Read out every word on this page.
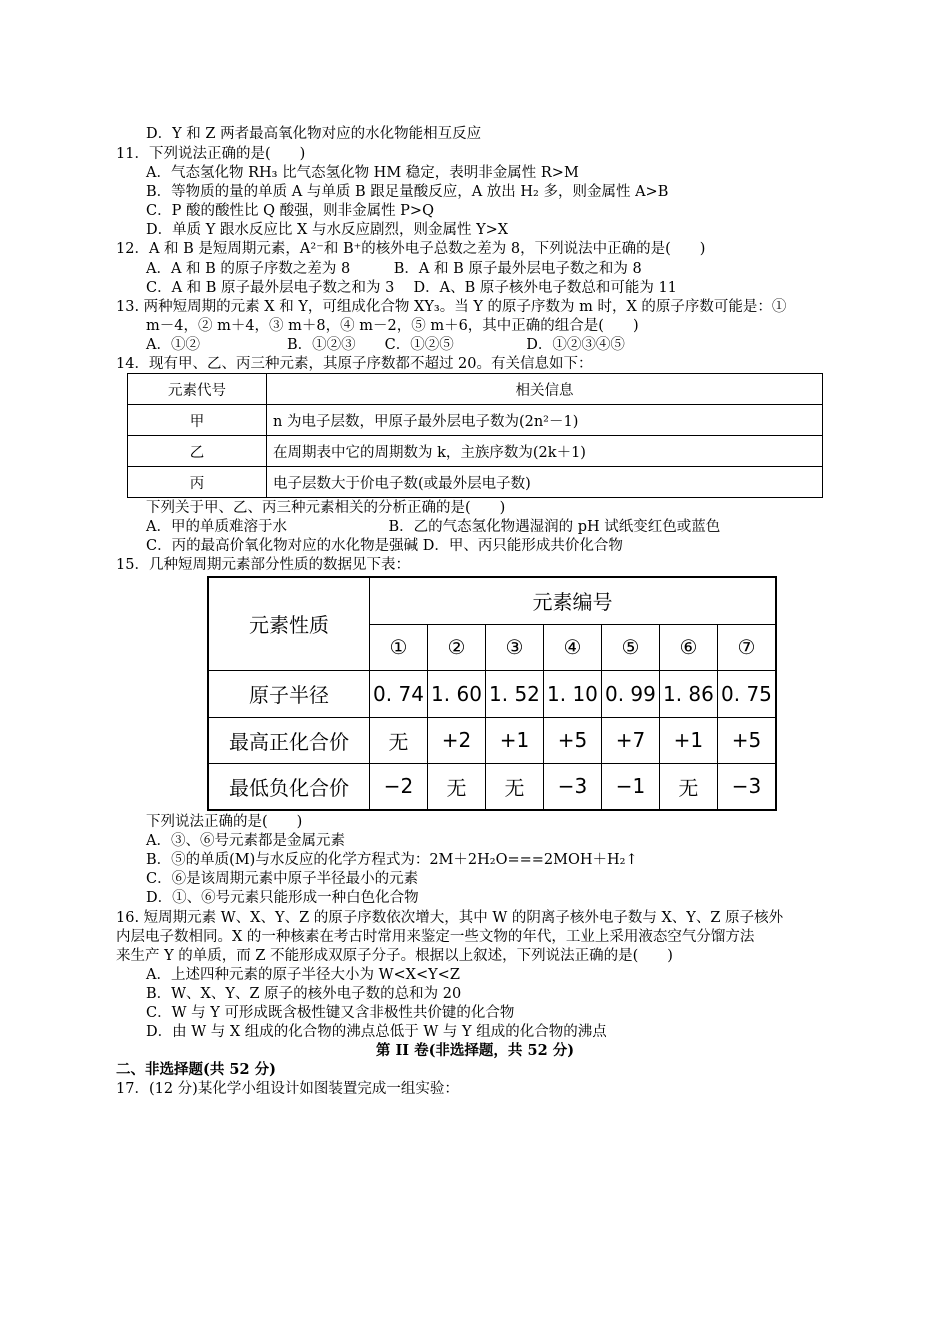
D．Y 和 Z 两者最高氧化物对应的水化物能相互反应
11．下列说法正确的是(　　)
A．气态氢化物 RH₃ 比气态氢化物 HM 稳定，表明非金属性 R>M
B．等物质的量的单质 A 与单质 B 跟足量酸反应，A 放出 H₂ 多，则金属性 A>B
C．P 酸的酸性比 Q 酸强，则非金属性 P>Q
D．单质 Y 跟水反应比 X 与水反应剧烈，则金属性 Y>X
12．A 和 B 是短周期元素，A²⁻和 B⁺的核外电子总数之差为 8，下列说法中正确的是(　　)
A．A 和 B 的原子序数之差为 8　　　B．A 和 B 原子最外层电子数之和为 8
C．A 和 B 原子最外层电子数之和为 3　 D．A、B 原子核外电子数总和可能为 11
13. 两种短周期的元素 X 和 Y，可组成化合物 XY₃。当 Y 的原子序数为 m 时，X 的原子序数可能是：①
m－4，② m＋4，③ m＋8，④ m－2，⑤ m＋6，其中正确的组合是(　　)
A．①②　　　　　　B．①②③　　C．①②⑤　　　　　D．①②③④⑤
14．现有甲、乙、丙三种元素，其原子序数都不超过 20。有关信息如下：
元素代号	相关信息
甲	n 为电子层数，甲原子最外层电子数为(2n²－1)
乙	在周期表中它的周期数为 k，主族序数为(2k＋1)
丙	电子层数大于价电子数(或最外层电子数)
下列关于甲、乙、丙三种元素相关的分析正确的是(　　)
A．甲的单质难溶于水　　　　　　　B．乙的气态氢化物遇湿润的 pH 试纸变红色或蓝色
C．丙的最高价氧化物对应的水化物是强碱 D．甲、丙只能形成共价化合物
15．几种短周期元素部分性质的数据见下表：
元素性质	元素编号						
	①	②	③	④	⑤	⑥	⑦
原子半径	0. 74	1. 60	1. 52	1. 10	0. 99	1. 86	0. 75
最高正化合价	无	+2	+1	+5	+7	+1	+5
最低负化合价	−2	无	无	−3	−1	无	−3
下列说法正确的是(　　)
A．③、⑥号元素都是金属元素
B．⑤的单质(M)与水反应的化学方程式为：2M＋2H₂O===2MOH＋H₂↑
C．⑥是该周期元素中原子半径最小的元素
D．①、⑥号元素只能形成一种白色化合物
16. 短周期元素 W、X、Y、Z 的原子序数依次增大，其中 W 的阴离子核外电子数与 X、Y、Z 原子核外
内层电子数相同。X 的一种核素在考古时常用来鉴定一些文物的年代，工业上采用液态空气分馏方法
来生产 Y 的单质，而 Z 不能形成双原子分子。根据以上叙述，下列说法正确的是(　　)
A．上述四种元素的原子半径大小为 W<X<Y<Z
B．W、X、Y、Z 原子的核外电子数的总和为 20
C．W 与 Y 可形成既含极性键又含非极性共价键的化合物
D．由 W 与 X 组成的化合物的沸点总低于 W 与 Y 组成的化合物的沸点
第 II 卷(非选择题，共 52 分)
二、非选择题(共 52 分)
17．(12 分)某化学小组设计如图装置完成一组实验：
